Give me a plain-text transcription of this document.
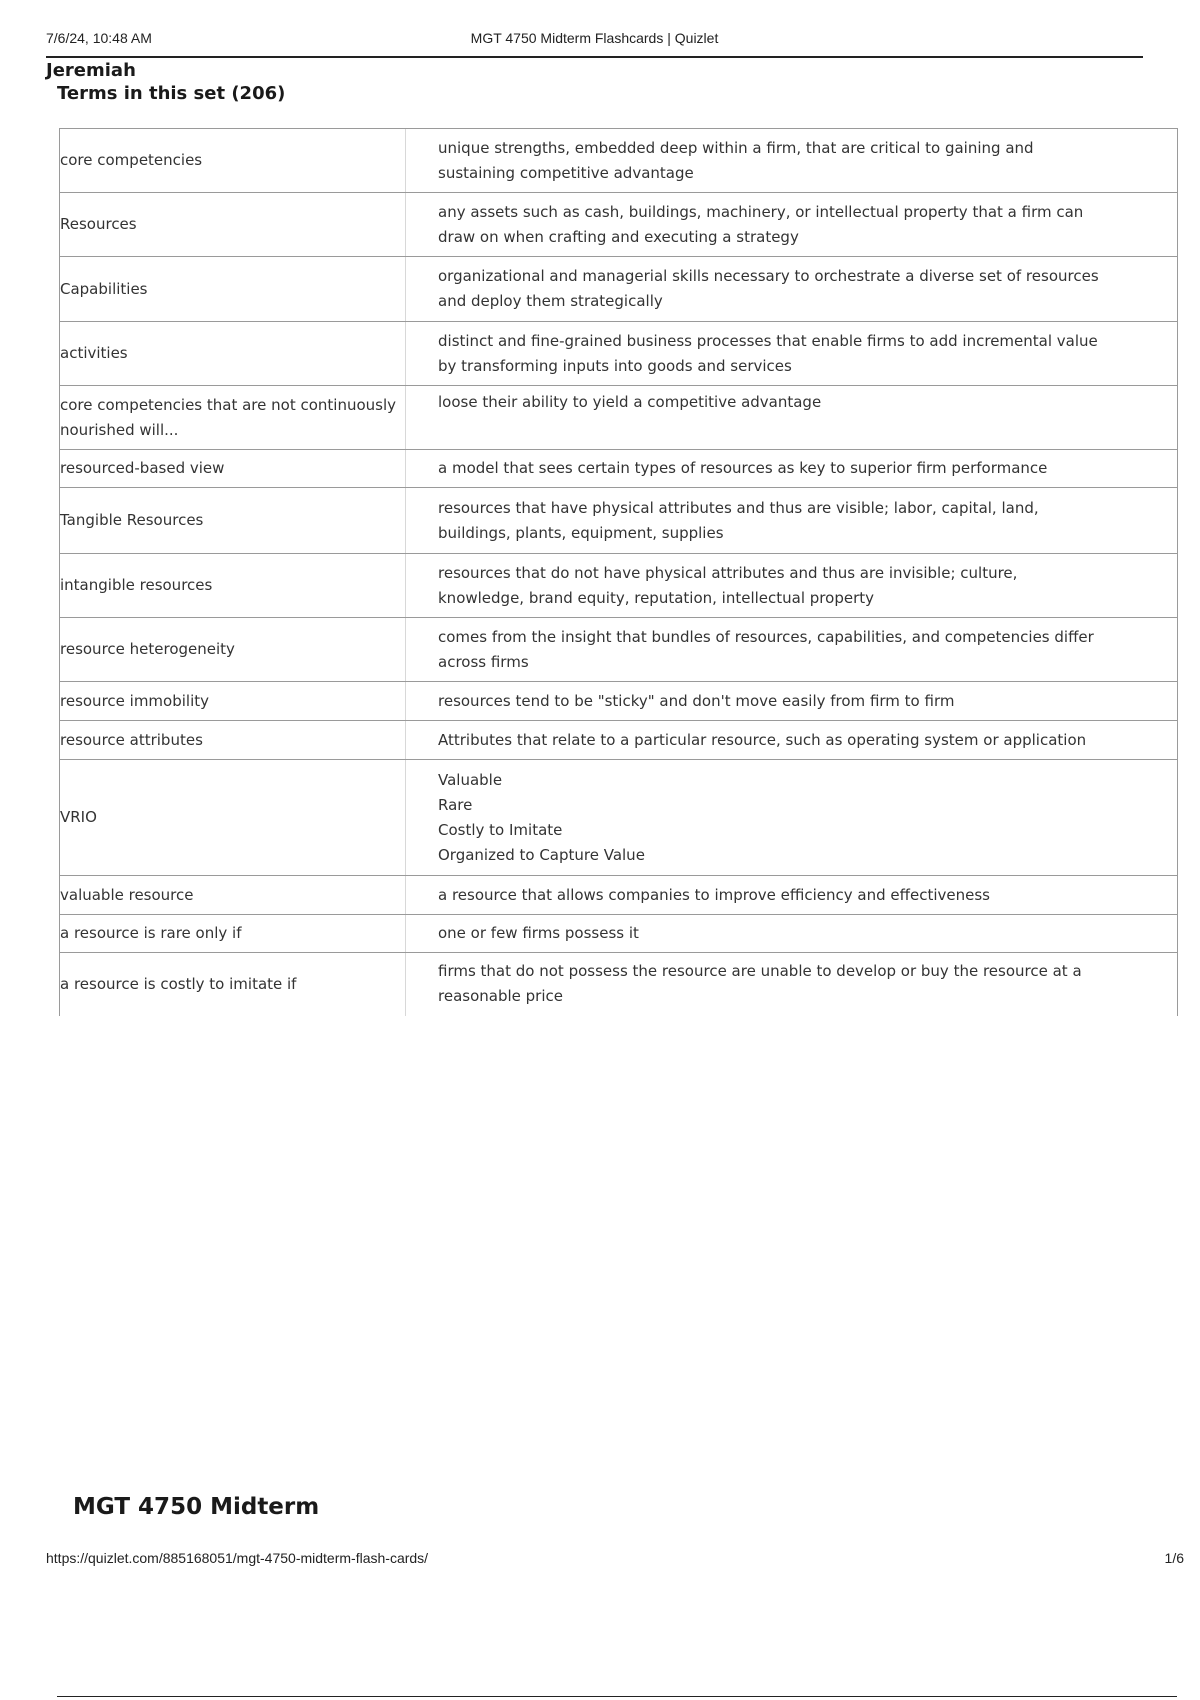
7/6/24, 10:48 AM	MGT 4750 Midterm Flashcards | Quizlet
Jeremiah
Terms in this set (206)
core competencies	unique strengths, embedded deep within a firm, that are critical to gaining and
sustaining competitive advantage

Resources	any assets such as cash, buildings, machinery, or intellectual property that a firm can
draw on when crafting and executing a strategy

Capabilities	organizational and managerial skills necessary to orchestrate a diverse set of resources
and deploy them strategically

activities	distinct and fine-grained business processes that enable firms to add incremental value
by transforming inputs into goods and services

core competencies that are not continuously nourished will...	loose their ability to yield a competitive advantage

resourced-based view	a model that sees certain types of resources as key to superior firm performance

Tangible Resources	resources that have physical attributes and thus are visible; labor, capital, land,
buildings, plants, equipment, supplies

intangible resources	resources that do not have physical attributes and thus are invisible; culture,
knowledge, brand equity, reputation, intellectual property

resource heterogeneity	comes from the insight that bundles of resources, capabilities, and competencies differ
across firms

resource immobility	resources tend to be "sticky" and don't move easily from firm to firm

resource attributes	Attributes that relate to a particular resource, such as operating system or application

VRIO	Valuable
Rare
Costly to Imitate
Organized to Capture Value

valuable resource	a resource that allows companies to improve efficiency and effectiveness

a resource is rare only if	one or few firms possess it

a resource is costly to imitate if	firms that do not possess the resource are unable to develop or buy the resource at a
reasonable price
MGT 4750 Midterm
https://quizlet.com/885168051/mgt-4750-midterm-flash-cards/	1/6
